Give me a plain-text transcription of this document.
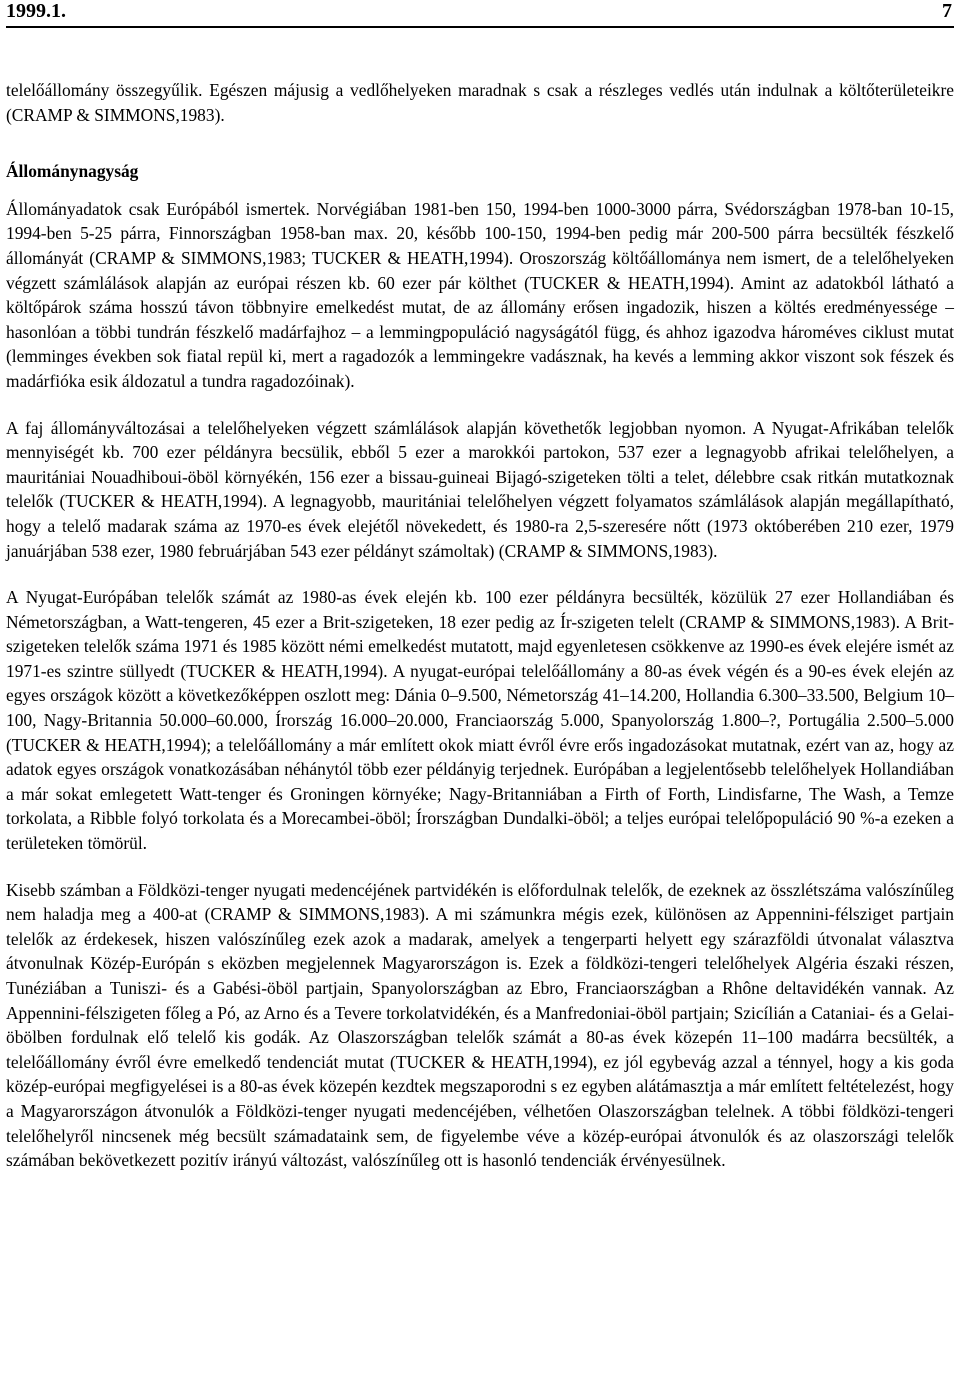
1999.1.	7

telelőállomány összegyűlik. Egészen májusig a vedlőhelyeken maradnak s csak a részleges vedlés után indulnak a költőterületeikre (CRAMP & SIMMONS,1983).

Állománynagyság

Állományadatok csak Európából ismertek. Norvégiában 1981-ben 150, 1994-ben 1000-3000 párra, Svédországban 1978-ban 10-15, 1994-ben 5-25 párra, Finnországban 1958-ban max. 20, később 100-150, 1994-ben pedig már 200-500 párra becsülték fészkelő állományát (CRAMP & SIMMONS,1983; TUCKER & HEATH,1994). Oroszország költőállománya nem ismert, de a telelőhelyeken végzett számlálások alapján az európai részen kb. 60 ezer pár költhet (TUCKER & HEATH,1994). Amint az adatokból látható a költőpárok száma hosszú távon többnyire emelkedést mutat, de az állomány erősen ingadozik, hiszen a költés eredményessége – hasonlóan a többi tundrán fészkelő madárfajhoz – a lemmingpopuláció nagyságától függ, és ahhoz igazodva hároméves ciklust mutat (lemminges években sok fiatal repül ki, mert a ragadozók a lemmingekre vadásznak, ha kevés a lemming akkor viszont sok fészek és madárfióka esik áldozatul a tundra ragadozóinak).

A faj állományváltozásai a telelőhelyeken végzett számlálások alapján követhetők legjobban nyomon. A Nyugat-Afrikában telelők mennyiségét kb. 700 ezer példányra becsülik, ebből 5 ezer a marokkói partokon, 537 ezer a legnagyobb afrikai telelőhelyen, a mauritániai Nouadhiboui-öböl környékén, 156 ezer a bissau-guineai Bijagó-szigeteken tölti a telet, délebbre csak ritkán mutatkoznak telelők (TUCKER & HEATH,1994). A legnagyobb, mauritániai telelőhelyen végzett folyamatos számlálások alapján megállapítható, hogy a telelő madarak száma az 1970-es évek elejétől növekedett, és 1980-ra 2,5-szeresére nőtt (1973 októberében 210 ezer, 1979 januárjában 538 ezer, 1980 februárjában 543 ezer példányt számoltak) (CRAMP & SIMMONS,1983).

A Nyugat-Európában telelők számát az 1980-as évek elején kb. 100 ezer példányra becsülték, közülük 27 ezer Hollandiában és Németországban, a Watt-tengeren, 45 ezer a Brit-szigeteken, 18 ezer pedig az Ír-szigeten telelt (CRAMP & SIMMONS,1983). A Brit-szigeteken telelők száma 1971 és 1985 között némi emelkedést mutatott, majd egyenletesen csökkenve az 1990-es évek elejére ismét az 1971-es szintre süllyedt (TUCKER & HEATH,1994). A nyugat-európai telelőállomány a 80-as évek végén és a 90-es évek elején az egyes országok között a következőképpen oszlott meg: Dánia 0–9.500, Németország 41–14.200, Hollandia 6.300–33.500, Belgium 10–100, Nagy-Britannia 50.000–60.000, Írország 16.000–20.000, Franciaország 5.000, Spanyolország 1.800–?, Portugália 2.500–5.000 (TUCKER & HEATH,1994); a telelőállomány a már említett okok miatt évről évre erős ingadozásokat mutatnak, ezért van az, hogy az adatok egyes országok vonatkozásában néhánytól több ezer példányig terjednek. Európában a legjelentősebb telelőhelyek Hollandiában a már sokat emlegetett Watt-tenger és Groningen környéke; Nagy-Britanniában a Firth of Forth, Lindisfarne, The Wash, a Temze torkolata, a Ribble folyó torkolata és a Morecambei-öböl; Írországban Dundalki-öböl; a teljes európai telelőpopuláció 90 %-a ezeken a területeken tömörül.

Kisebb számban a Földközi-tenger nyugati medencéjének partvidékén is előfordulnak telelők, de ezeknek az összlétszáma valószínűleg nem haladja meg a 400-at (CRAMP & SIMMONS,1983). A mi számunkra mégis ezek, különösen az Appennini-félsziget partjain telelők az érdekesek, hiszen valószínűleg ezek azok a madarak, amelyek a tengerparti helyett egy szárazföldi útvonalat választva átvonulnak Közép-Európán s eközben megjelennek Magyarországon is. Ezek a földközi-tengeri telelőhelyek Algéria északi részen, Tunéziában a Tuniszi- és a Gabési-öböl partjain, Spanyolországban az Ebro, Franciaországban a Rhône deltavidékén vannak. Az Appennini-félszigeten főleg a Pó, az Arno és a Tevere torkolatvidékén, és a Manfredoniai-öböl partjain; Szicílián a Cataniai- és a Gelai-öbölben fordulnak elő telelő kis godák. Az Olaszországban telelők számát a 80-as évek közepén 11–100 madárra becsülték, a telelőállomány évről évre emelkedő tendenciát mutat (TUCKER & HEATH,1994), ez jól egybevág azzal a ténnyel, hogy a kis goda közép-európai megfigyelései is a 80-as évek közepén kezdtek megszaporodni s ez egyben alátámasztja a már említett feltételezést, hogy a Magyarországon átvonulók a Földközi-tenger nyugati medencéjében, vélhetően Olaszországban telelnek. A többi földközi-tengeri telelőhelyről nincsenek még becsült számadataink sem, de figyelembe véve a közép-európai átvonulók és az olaszországi telelők számában bekövetkezett pozitív irányú változást, valószínűleg ott is hasonló tendenciák érvényesülnek.
